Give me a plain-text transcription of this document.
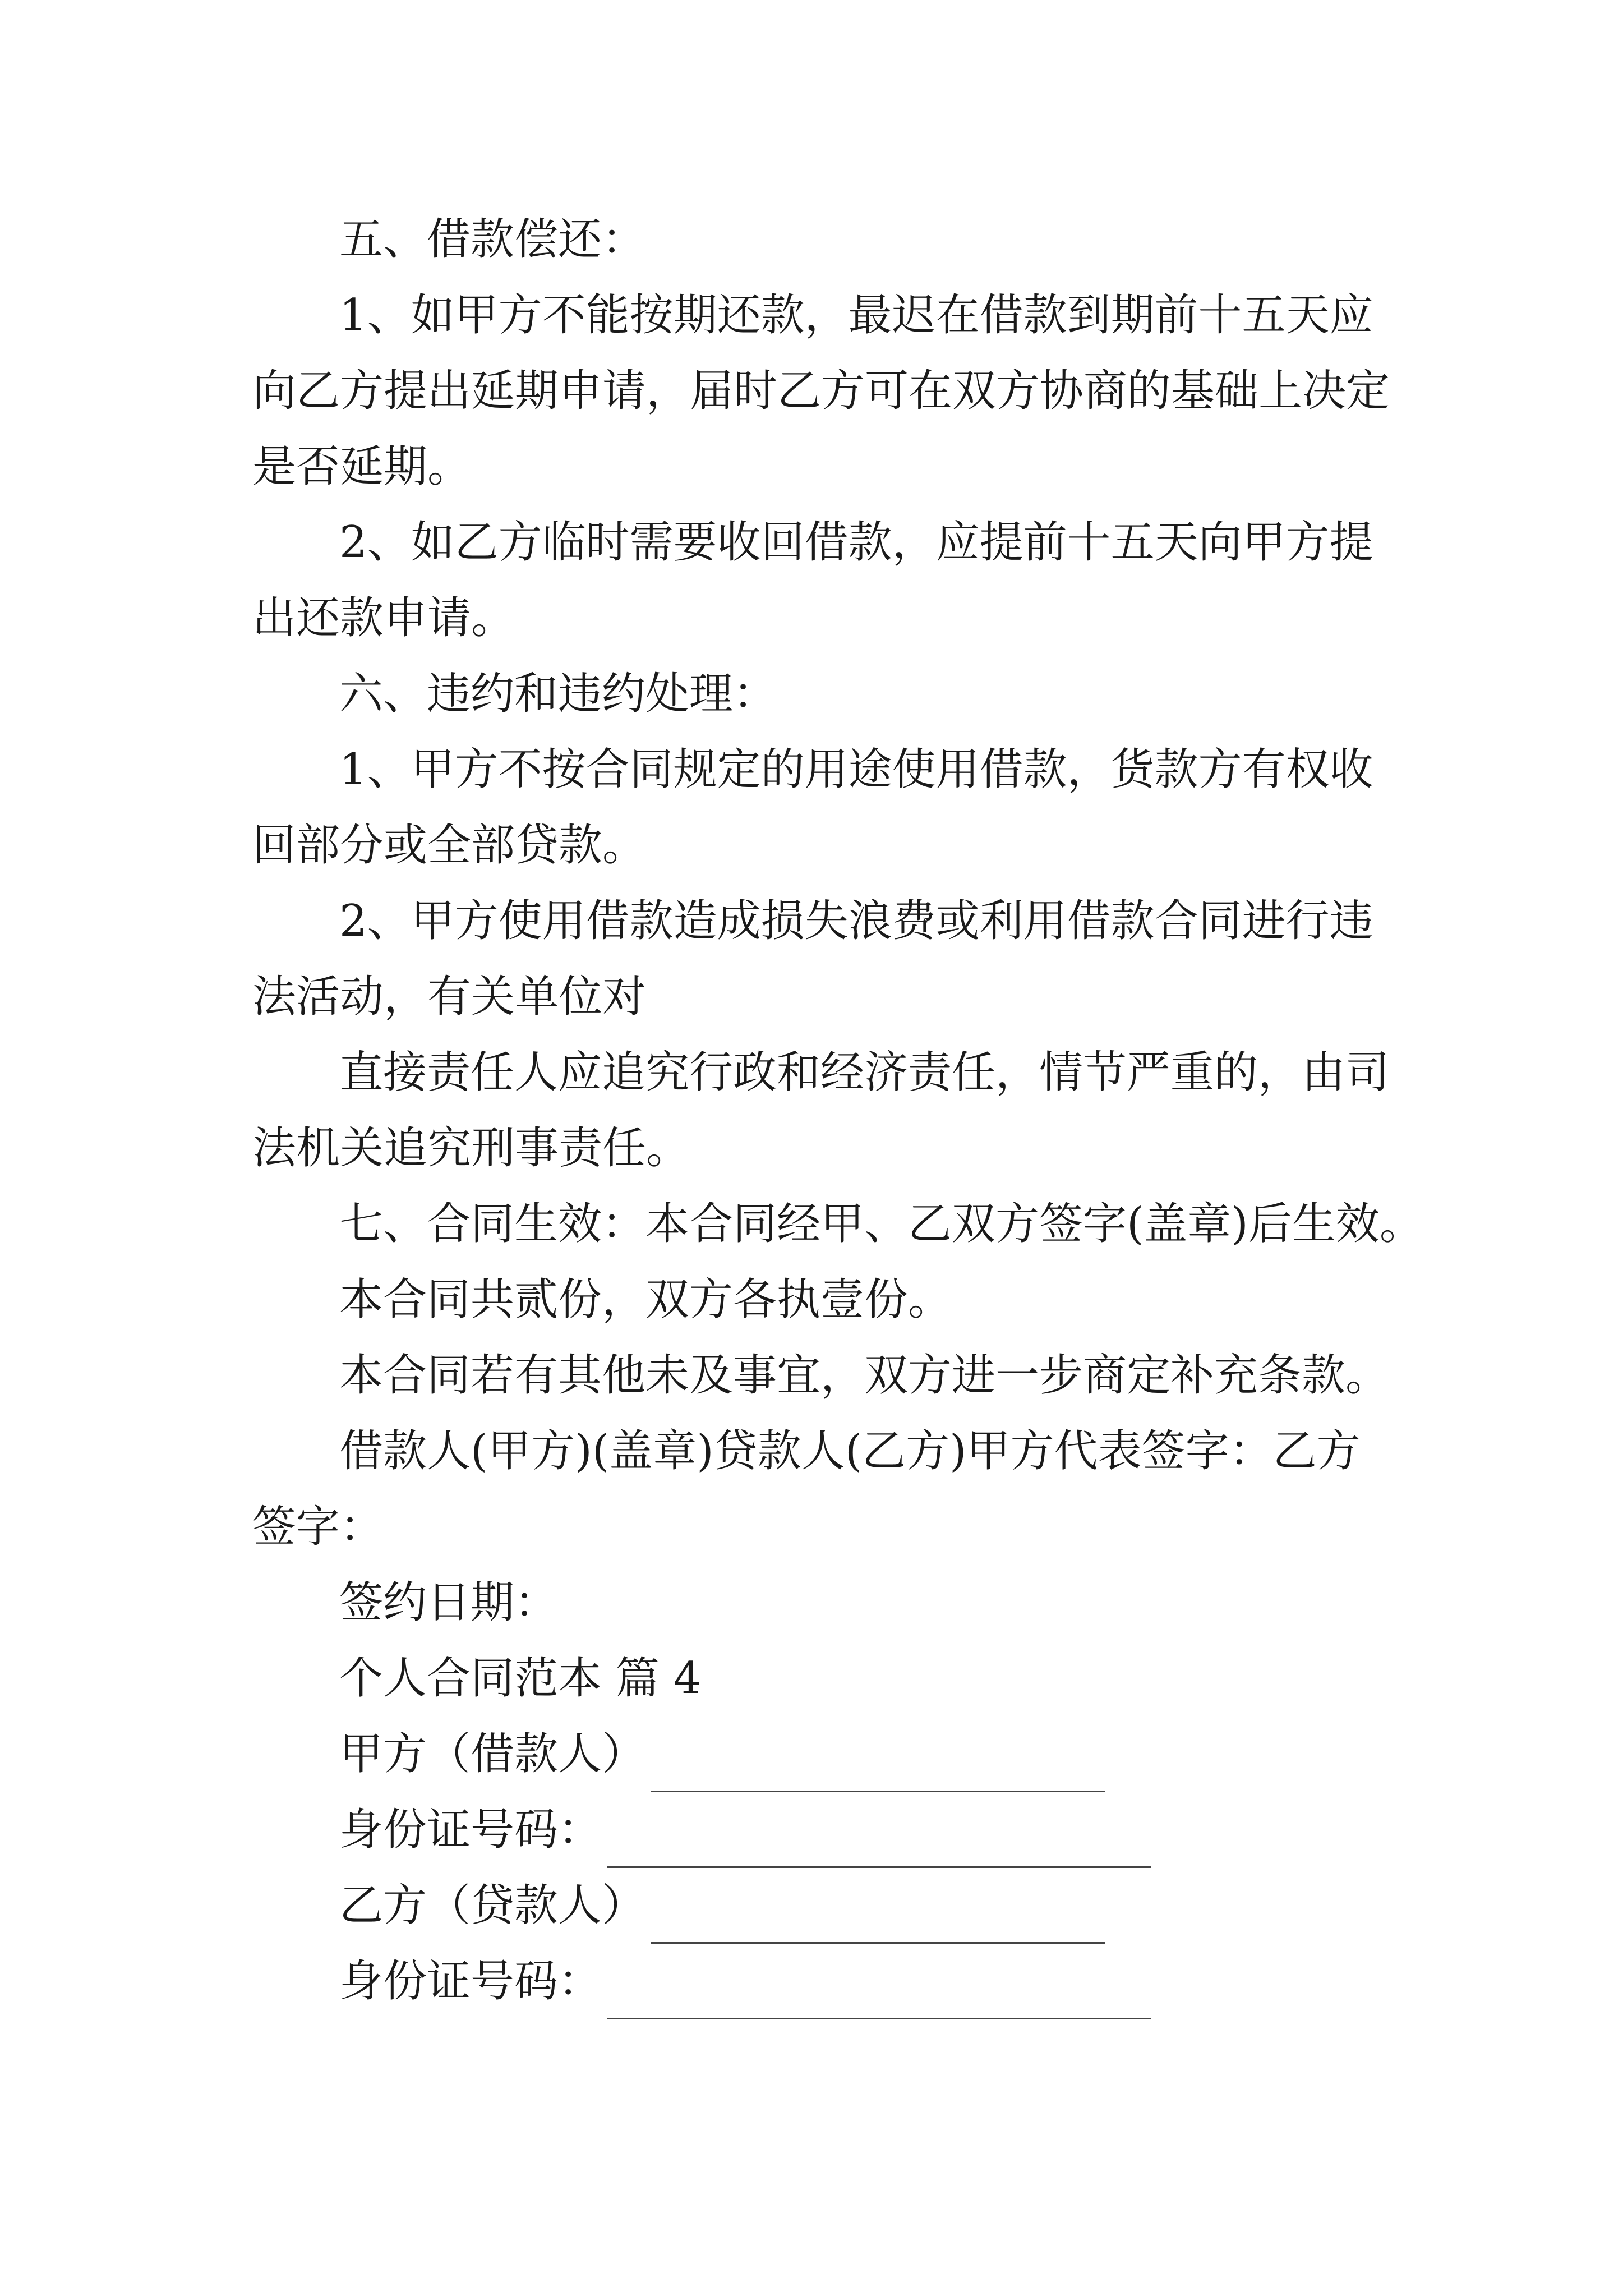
五、借款偿还：

1、如甲方不能按期还款，最迟在借款到期前十五天应

向乙方提出延期申请，届时乙方可在双方协商的基础上决定

是否延期。

2、如乙方临时需要收回借款，应提前十五天向甲方提

出还款申请。

六、违约和违约处理：

1、甲方不按合同规定的用途使用借款，货款方有权收

回部分或全部贷款。

2、甲方使用借款造成损失浪费或利用借款合同进行违

法活动，有关单位对

直接责任人应追究行政和经济责任，情节严重的，由司

法机关追究刑事责任。

七、合同生效：本合同经甲、乙双方签字(盖章)后生效。

本合同共贰份，双方各执壹份。

本合同若有其他未及事宜，双方进一步商定补充条款。

借款人(甲方)(盖章)贷款人(乙方)甲方代表签字：乙方

签字：

签约日期：

个人合同范本 篇 4

甲方（借款人）
身份证号码：
乙方（贷款人）
身份证号码：
